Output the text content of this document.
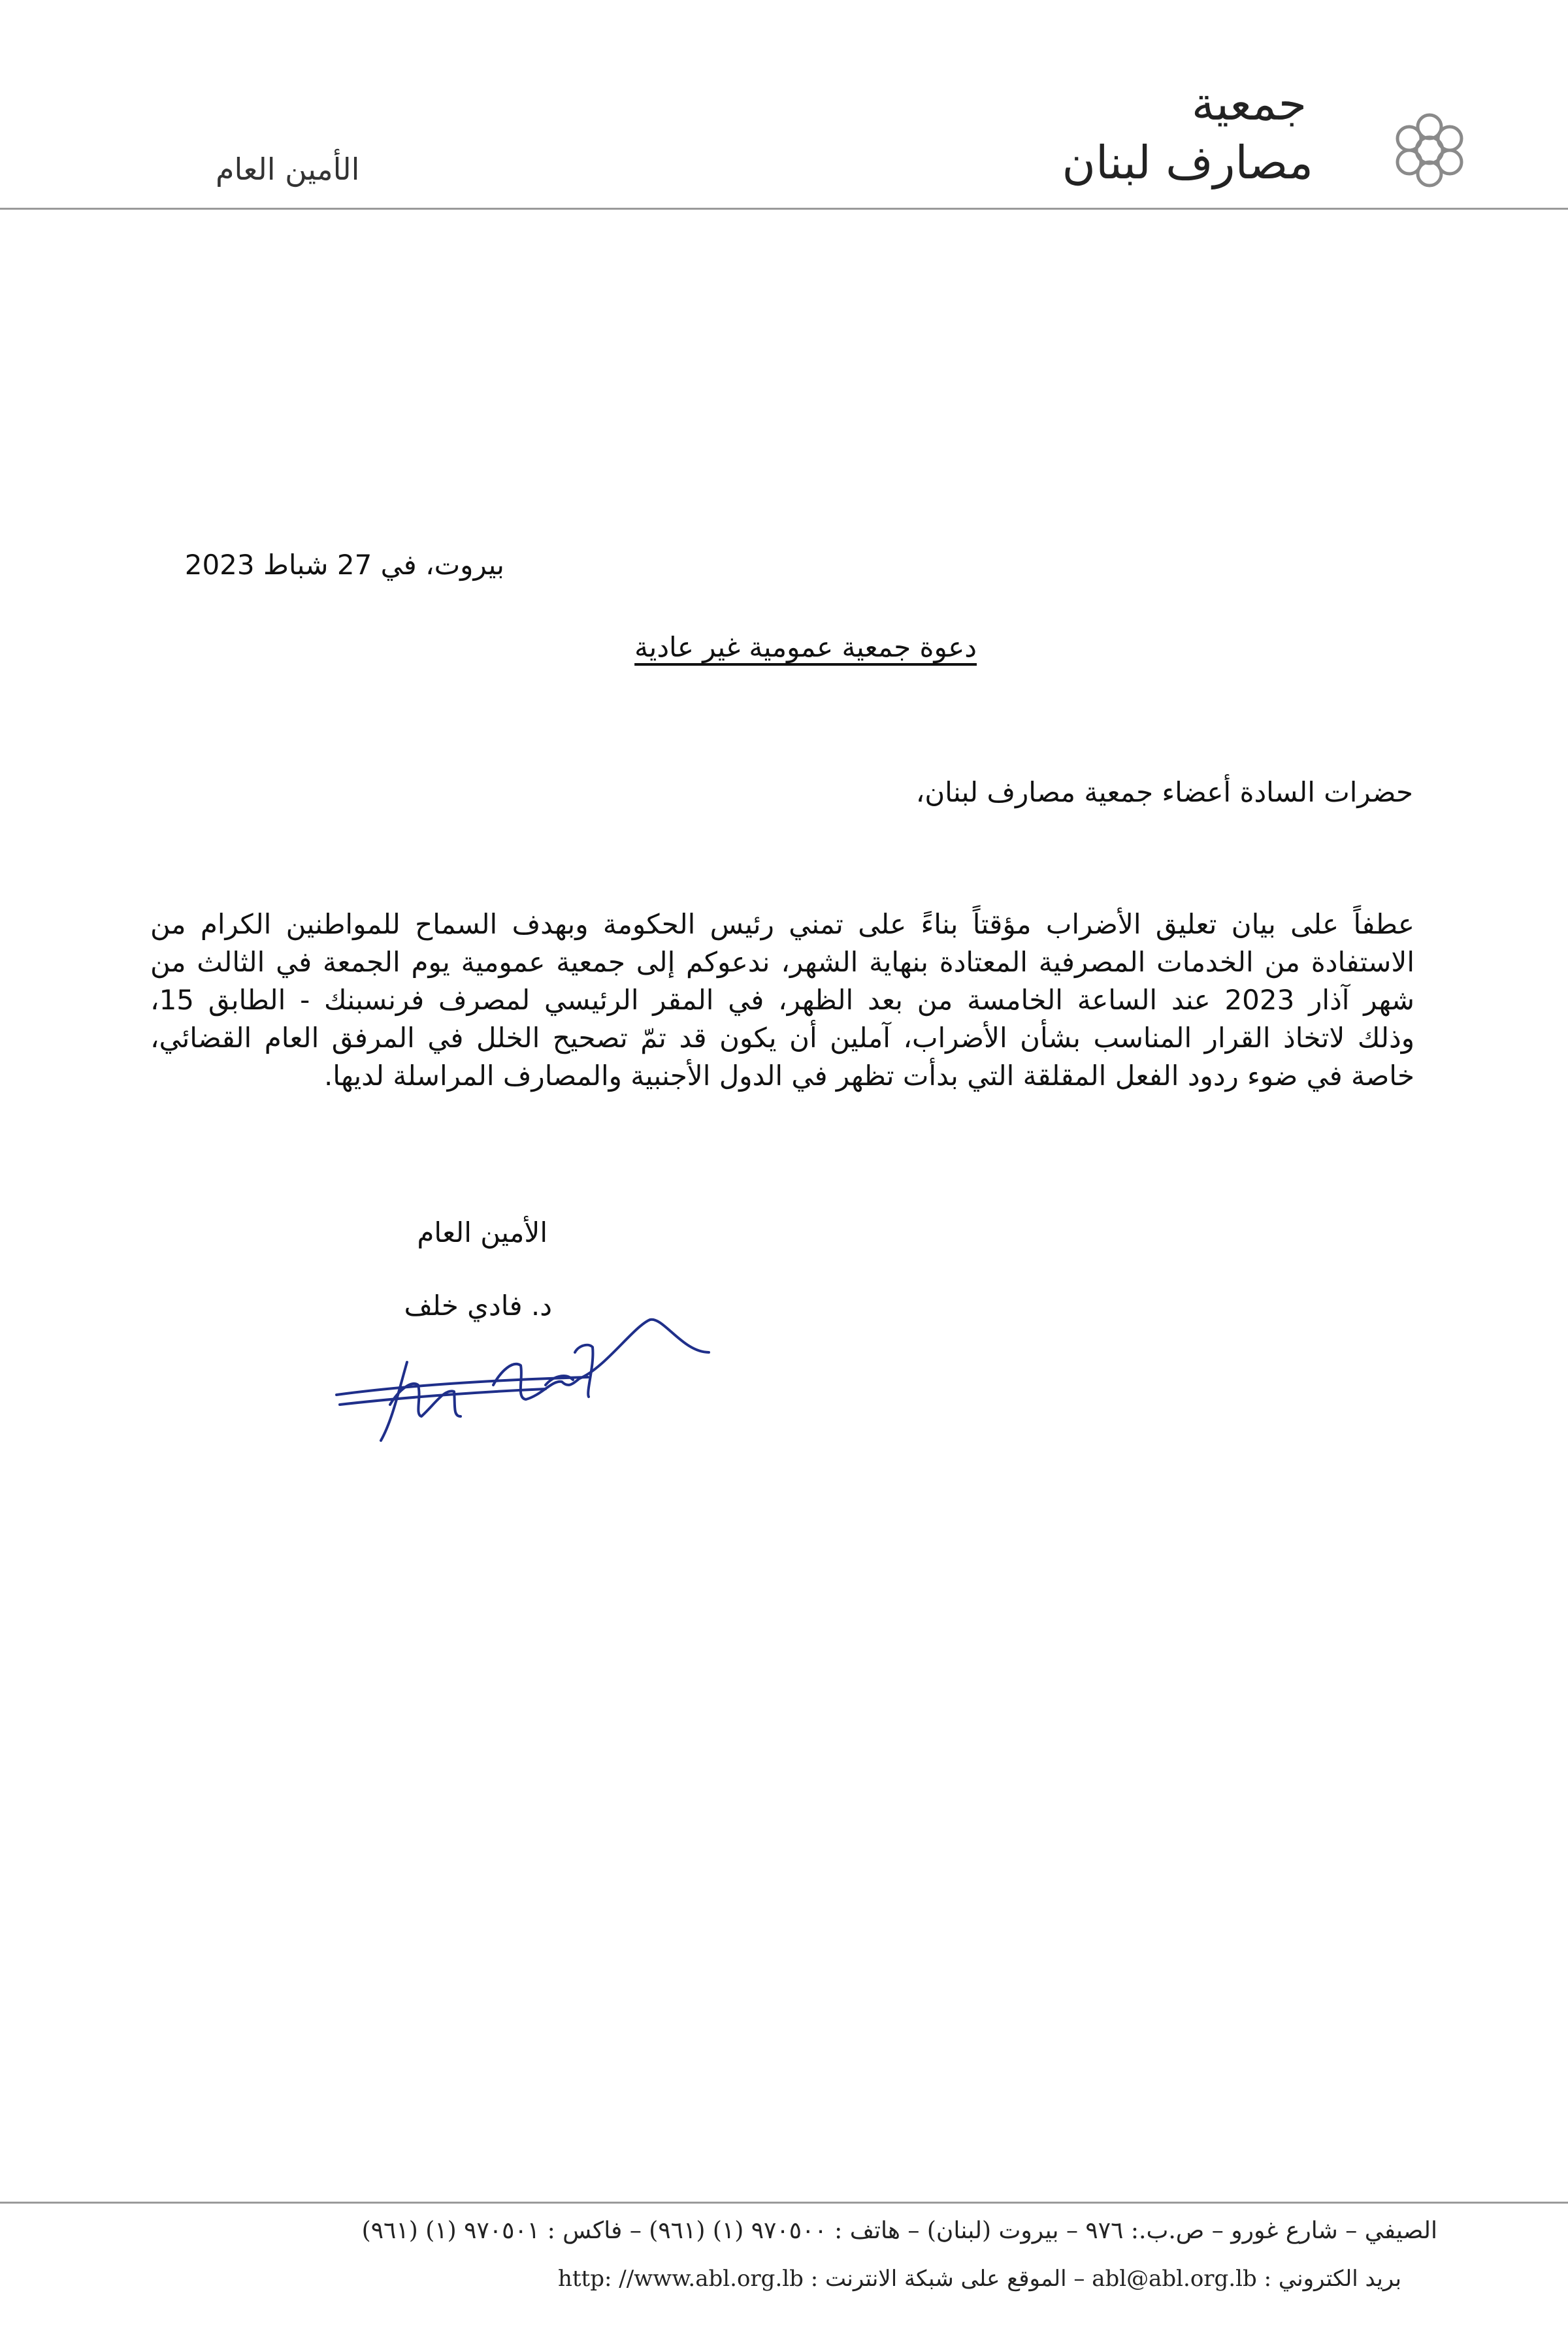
جمعية
مصارف لبنان
الأمين العام
بيروت، في 27 شباط 2023
دعوة جمعية عمومية غير عادية
حضرات السادة أعضاء جمعية مصارف لبنان،
عطفاً على بيان تعليق الأضراب مؤقتاً بناءً على تمني رئيس الحكومة وبهدف السماح للمواطنين الكرام من
الاستفادة من الخدمات المصرفية المعتادة بنهاية الشهر، ندعوكم إلى جمعية عمومية يوم الجمعة في الثالث من
شهر آذار 2023 عند الساعة الخامسة من بعد الظهر، في المقر الرئيسي لمصرف فرنسبنك - الطابق 15،
وذلك لاتخاذ القرار المناسب بشأن الأضراب، آملين أن يكون قد تمّ تصحيح الخلل في المرفق العام القضائي،
خاصة في ضوء ردود الفعل المقلقة التي بدأت تظهر في الدول الأجنبية والمصارف المراسلة لديها.
الأمين العام
د. فادي خلف
الصيفي – شارع غورو – ص.ب.: ٩٧٦ – بيروت (لبنان) – هاتف : ٩٧٠٥٠٠ (١) (٩٦١) – فاكس : ٩٧٠٥٠١ (١) (٩٦١)
بريد الكتروني : abl@abl.org.lb – الموقع على شبكة الانترنت : http: //www.abl.org.lb
